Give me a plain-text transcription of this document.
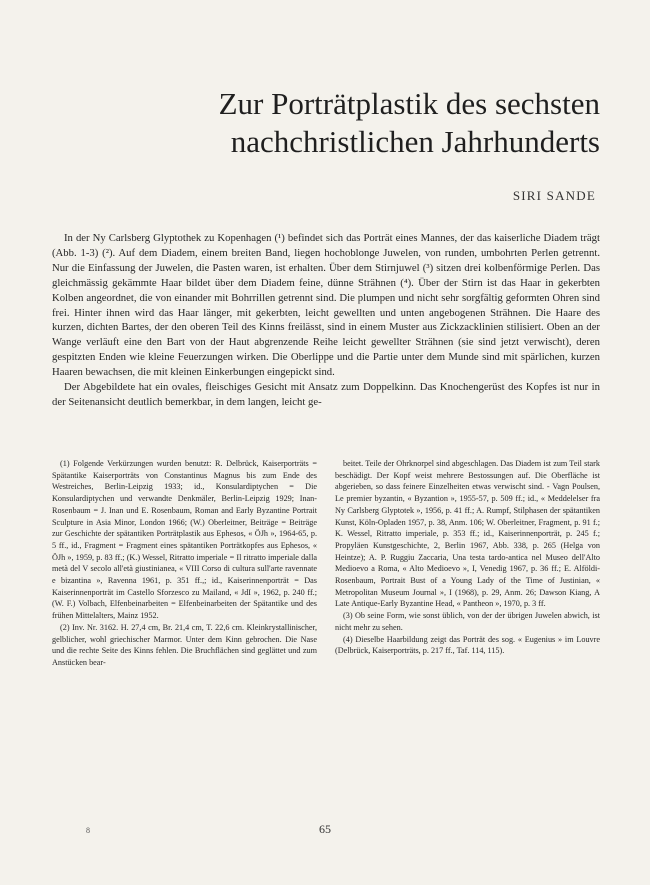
Zur Porträtplastik des sechsten
nachchristlichen Jahrhunderts
SIRI SANDE

In der Ny Carlsberg Glyptothek zu Kopenhagen (¹) befindet sich das Porträt eines Mannes, der das kaiserliche Diadem trägt (Abb. 1-3) (²). Auf dem Diadem, einem breiten Band, liegen hochoblonge Juwelen, von runden, umbohrten Perlen getrennt. Nur die Einfassung der Juwelen, die Pasten waren, ist erhalten. Über dem Stirnjuwel (³) sitzen drei kolbenförmige Perlen. Das gleichmässig gekämmte Haar bildet über dem Diadem feine, dünne Strähnen (⁴). Über der Stirn ist das Haar in gekerbten Kolben angeordnet, die von einander mit Bohrrillen getrennt sind. Die plumpen und nicht sehr sorgfältig geformten Ohren sind frei. Hinter ihnen wird das Haar länger, mit gekerbten, leicht gewellten und unten angebogenen Strähnen. Die Haare des kurzen, dichten Bartes, der den oberen Teil des Kinns freilässt, sind in einem Muster aus Zickzacklinien stilisiert. Oben an der Wange verläuft eine den Bart von der Haut abgrenzende Reihe leicht gewellter Strähnen (sie sind jetzt verwischt), deren gespitzten Enden wie kleine Feuerzungen wirken. Die Oberlippe und die Partie unter dem Munde sind mit spärlichen, kurzen Haaren bewachsen, die mit kleinen Einkerbungen eingepickt sind.

Der Abgebildete hat ein ovales, fleischiges Gesicht mit Ansatz zum Doppelkinn. Das Knochengerüst des Kopfes ist nur in der Seitenansicht deutlich bemerkbar, in dem langen, leicht ge-

(1) Folgende Verkürzungen wurden benutzt: R. Delbrück, Kaiserporträts = Spätantike Kaiserporträts von Constantinus Magnus bis zum Ende des Westreiches, Berlin-Leipzig 1933; id., Konsulardiptychen = Die Konsulardiptychen und verwandte Denkmäler, Berlin-Leipzig 1929; Inan-Rosenbaum = J. Inan und E. Rosenbaum, Roman and Early Byzantine Portrait Sculpture in Asia Minor, London 1966; (W.) Oberleitner, Beiträge = Beiträge zur Geschichte der spätantiken Porträtplastik aus Ephesos, « ÖJh », 1964-65, p. 5 ff., id., Fragment = Fragment eines spätantiken Porträtkopfes aus Ephesos, « ÖJh », 1959, p. 83 ff.; (K.) Wessel, Ritratto imperiale = Il ritratto imperiale dalla metà del V secolo all'età giustinianea, « VIII Corso di cultura sull'arte ravennate e bizantina », Ravenna 1961, p. 351 ff.,; id., Kaiserinnenporträt = Das Kaiserinnenporträt im Castello Sforzesco zu Mailand, « JdI », 1962, p. 240 ff.; (W. F.) Volbach, Elfenbeinarbeiten = Elfenbeinarbeiten der Spätantike und des frühen Mittelalters, Mainz 1952.

(2) Inv. Nr. 3162. H. 27,4 cm, Br. 21,4 cm, T. 22,6 cm. Kleinkrystallinischer, gelblicher, wohl griechischer Marmor. Unter dem Kinn gebrochen. Die Nase und die rechte Seite des Kinns fehlen. Die Bruchflächen sind geglättet und zum Anstücken bear-

beitet. Teile der Ohrknorpel sind abgeschlagen. Das Diadem ist zum Teil stark beschädigt. Der Kopf weist mehrere Bestossungen auf. Die Oberfläche ist abgerieben, so dass feinere Einzelheiten etwas verwischt sind. - Vagn Poulsen, Le premier byzantin, « Byzantion », 1955-57, p. 509 ff.; id., « Meddelelser fra Ny Carlsberg Glyptotek », 1956, p. 41 ff.; A. Rumpf, Stilphasen der spätantiken Kunst, Köln-Opladen 1957, p. 38, Anm. 106; W. Oberleitner, Fragment, p. 91 f.; K. Wessel, Ritratto imperiale, p. 353 ff.; id., Kaiserinnenporträt, p. 245 f.; Propyläen Kunstgeschichte, 2, Berlin 1967, Abb. 338, p. 265 (Helga von Heintze); A. P. Ruggiu Zaccaria, Una testa tardo-antica nel Museo dell'Alto Medioevo a Roma, « Alto Medioevo », I, Venedig 1967, p. 36 ff.; E. Alföldi-Rosenbaum, Portrait Bust of a Young Lady of the Time of Justinian, « Metropolitan Museum Journal », I (1968), p. 29, Anm. 26; Dawson Kiang, A Late Antique-Early Byzantine Head, « Pantheon », 1970, p. 3 ff.

(3) Ob seine Form, wie sonst üblich, von der der übrigen Juwelen abwich, ist nicht mehr zu sehen.

(4) Dieselbe Haarbildung zeigt das Porträt des sog. « Eugenius » im Louvre (Delbrück, Kaiserporträts, p. 217 ff., Taf. 114, 115).

65
8
